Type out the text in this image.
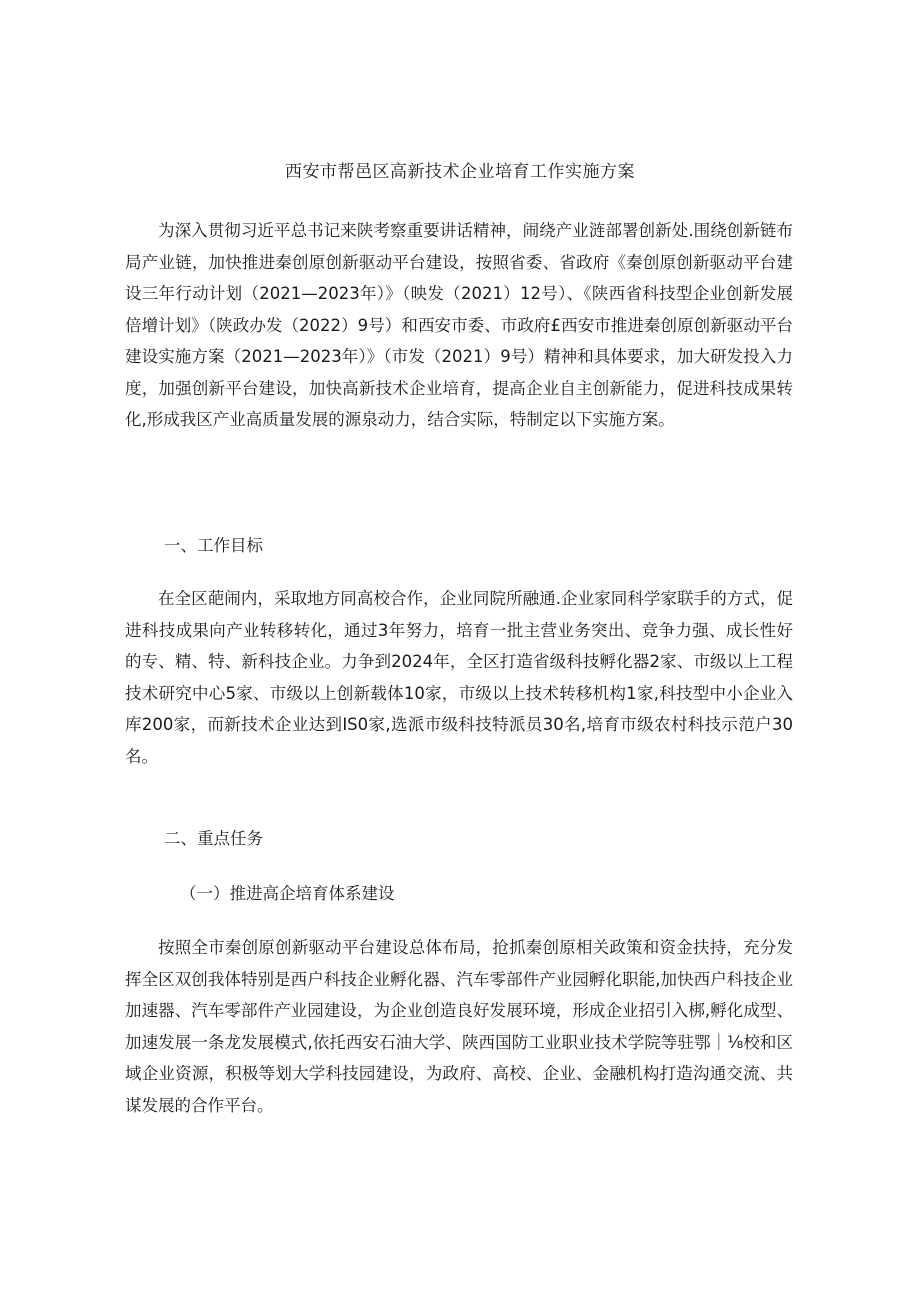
西安市帮邑区高新技术企业培育工作实施方案

为深入贯彻习近平总书记来陕考察重要讲话精神，闹绕产业涟部署创新处.围绕创新链布局产业链，加快推进秦创原创新驱动平台建设，按照省委、省政府《秦创原创新驱动平台建设三年行动计划（2021—2023年）》（映发（2021）12号）、《陕西省科技型企业创新发展倍增计划》（陕政办发（2022）9号）和西安市委、市政府£西安市推进秦创原创新驱动平台建设实施方案（2021—2023年）》（市发（2021）9号）精神和具体要求，加大研发投入力度，加强创新平台建设，加快高新技术企业培育，提高企业自主创新能力，促进科技成果转化,形成我区产业高质量发展的源泉动力，结合实际，特制定以下实施方案。

一、工作目标

在全区葩闹内，采取地方同高校合作，企业同院所融通.企业家同科学家联手的方式，促进科技成果向产业转移转化，通过3年努力，培育一批主营业务突出、竞争力强、成长性好的专、精、特、新科技企业。力争到2024年，全区打造省级科技孵化器2家、市级以上工程技术研究中心5家、市级以上创新载体10家，市级以上技术转移机构1家,科技型中小企业入库200家，而新技术企业达到IS0家,选派市级科技特派员30名,培育市级农村科技示范户30名。

二、重点任务

（一）推进高企培育体系建设

按照全市秦创原创新驱动平台建设总体布局，抢抓秦创原相关政策和资金扶持，充分发挥全区双创我体特别是西户科技企业孵化器、汽车零部件产业园孵化职能,加快西户科技企业加速器、汽车零部件产业园建设，为企业创造良好发展环境，形成企业招引入梆,孵化成型、加速发展一条龙发展模式,依托西安石油大学、陕西国防工业职业技术学院等驻鄂｜⅛校和区域企业资源，积极等划大学科技园建设，为政府、高校、企业、金融机构打造沟通交流、共谋发展的合作平台。
